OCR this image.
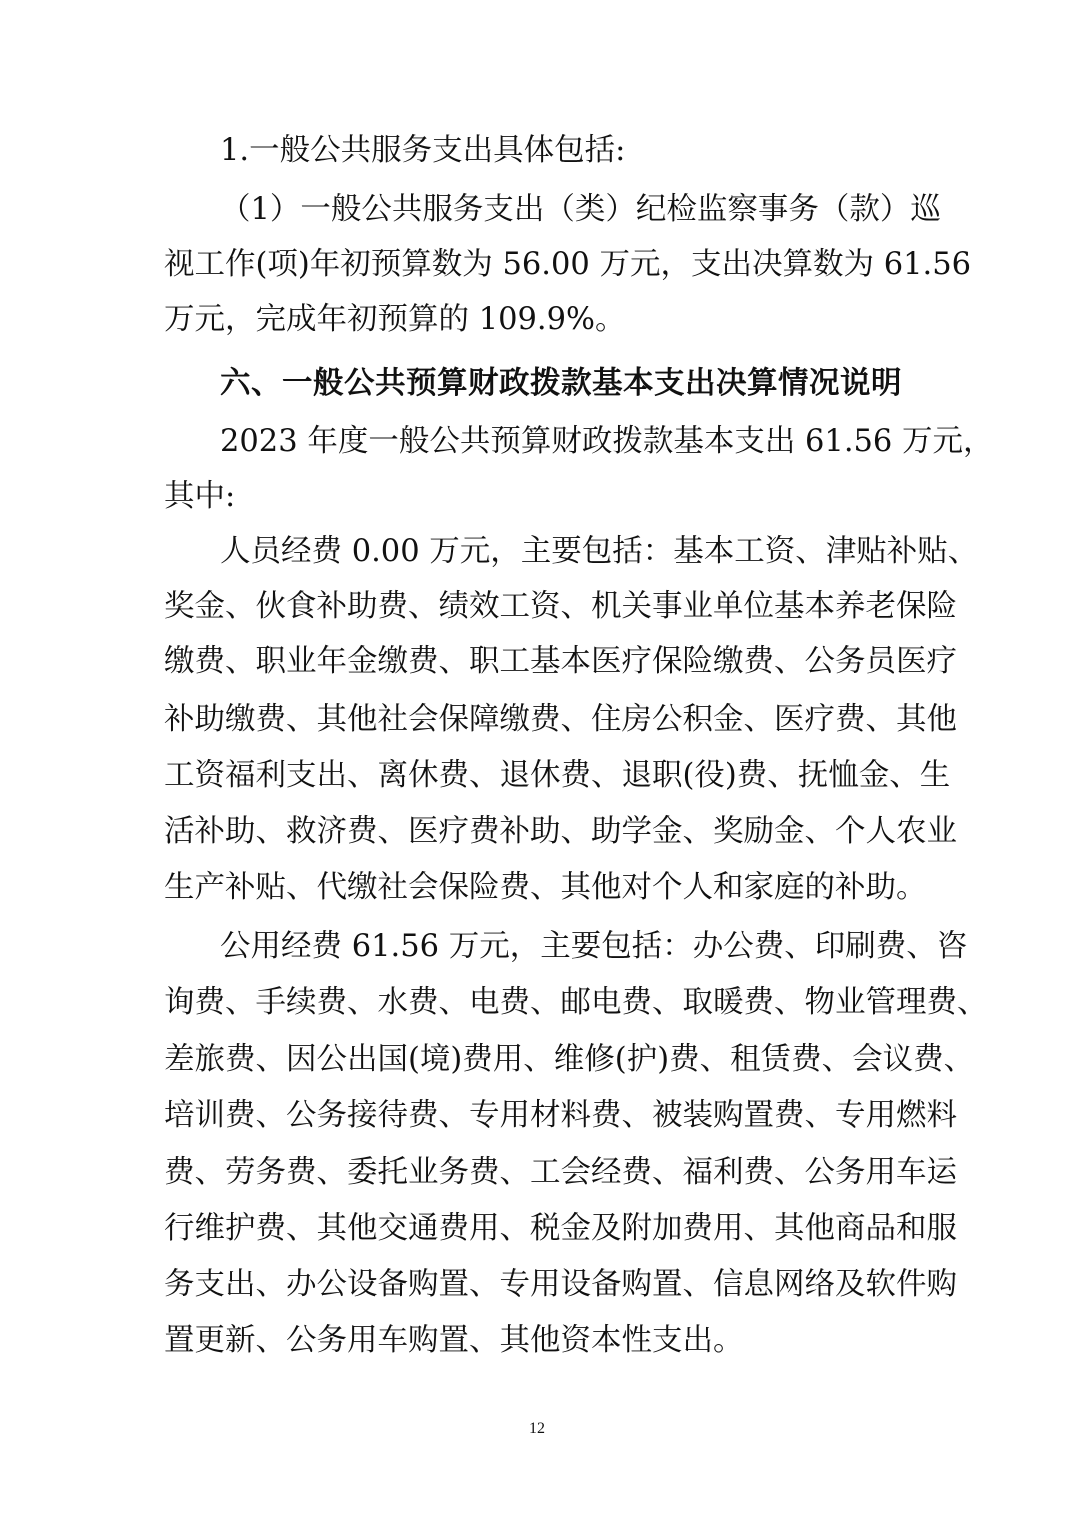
1.一般公共服务支出具体包括:
（1）一般公共服务支出（类）纪检监察事务（款）巡
视工作(项)年初预算数为 56.00 万元，支出决算数为 61.56
万元，完成年初预算的 109.9%。
六、一般公共预算财政拨款基本支出决算情况说明
2023 年度一般公共预算财政拨款基本支出 61.56 万元，
其中:
人员经费 0.00 万元，主要包括：基本工资、津贴补贴、
奖金、伙食补助费、绩效工资、机关事业单位基本养老保险
缴费、职业年金缴费、职工基本医疗保险缴费、公务员医疗
补助缴费、其他社会保障缴费、住房公积金、医疗费、其他
工资福利支出、离休费、退休费、退职(役)费、抚恤金、生
活补助、救济费、医疗费补助、助学金、奖励金、个人农业
生产补贴、代缴社会保险费、其他对个人和家庭的补助。
公用经费 61.56 万元，主要包括：办公费、印刷费、咨
询费、手续费、水费、电费、邮电费、取暖费、物业管理费、
差旅费、因公出国(境)费用、维修(护)费、租赁费、会议费、
培训费、公务接待费、专用材料费、被装购置费、专用燃料
费、劳务费、委托业务费、工会经费、福利费、公务用车运
行维护费、其他交通费用、税金及附加费用、其他商品和服
务支出、办公设备购置、专用设备购置、信息网络及软件购
置更新、公务用车购置、其他资本性支出。
12
